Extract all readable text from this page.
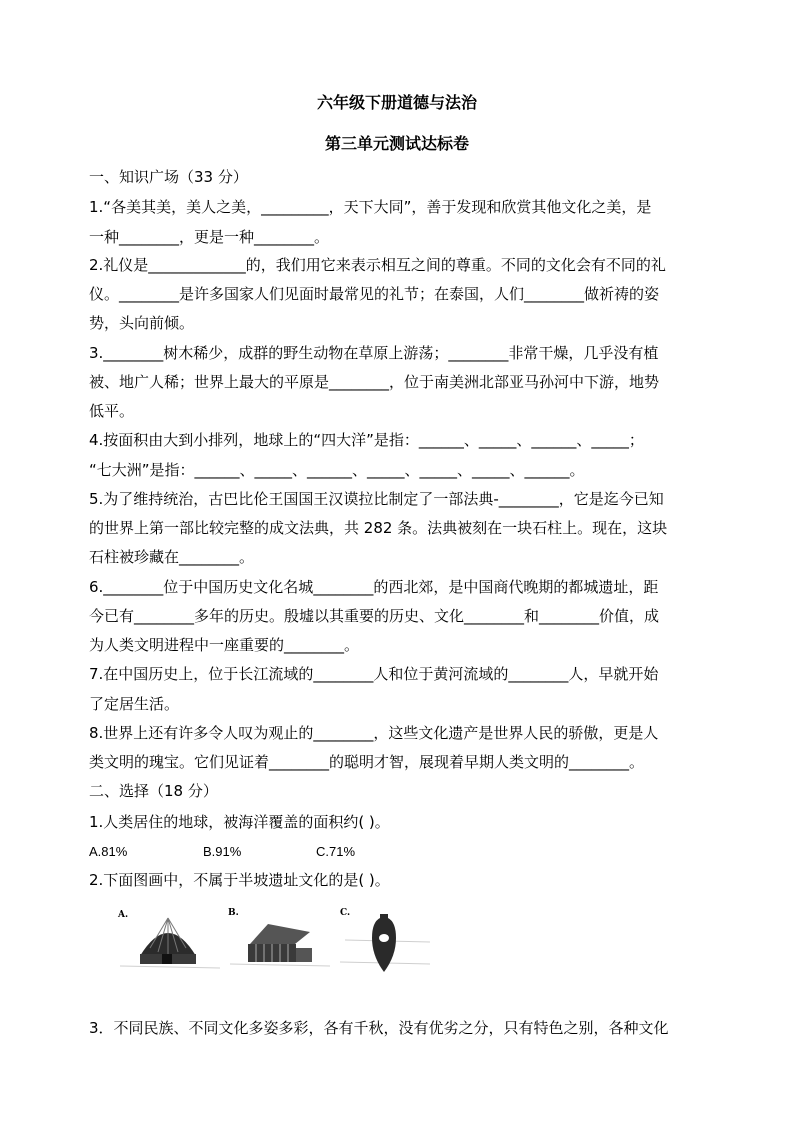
六年级下册道德与法治
第三单元测试达标卷
一、知识广场（33 分）
1.“各美其美，美人之美，_________，天下大同”，善于发现和欣赏其他文化之美，是
一种________，更是一种________。
2.礼仪是_____________的，我们用它来表示相互之间的尊重。不同的文化会有不同的礼
仪。________是许多国家人们见面时最常见的礼节；在泰国，人们________做祈祷的姿
势，头向前倾。
3.________树木稀少，成群的野生动物在草原上游荡；________非常干燥，几乎没有植
被、地广人稀；世界上最大的平原是________，位于南美洲北部亚马孙河中下游，地势
低平。
4.按面积由大到小排列，地球上的“四大洋”是指：______、_____、______、_____；
“七大洲”是指：______、_____、______、_____、_____、_____、______。
5.为了维持统治，古巴比伦王国国王汉谟拉比制定了一部法典-________，它是迄今已知
的世界上第一部比较完整的成文法典，共 282 条。法典被刻在一块石柱上。现在，这块
石柱被珍藏在________。
6.________位于中国历史文化名城________的西北郊，是中国商代晚期的都城遗址，距
今已有________多年的历史。殷墟以其重要的历史、文化________和________价值，成
为人类文明进程中一座重要的________。
7.在中国历史上，位于长江流域的________人和位于黄河流域的________人，早就开始
了定居生活。
8.世界上还有许多令人叹为观止的________，这些文化遗产是世界人民的骄傲，更是人
类文明的瑰宝。它们见证着________的聪明才智，展现着早期人类文明的________。
二、选择（18 分）
1.人类居住的地球，被海洋覆盖的面积约( )。
A.81%	B.91%	C.71%
2.下面图画中，不属于半坡遗址文化的是( )。
A.	B.	C.
3．不同民族、不同文化多姿多彩，各有千秋，没有优劣之分，只有特色之别，各种文化
